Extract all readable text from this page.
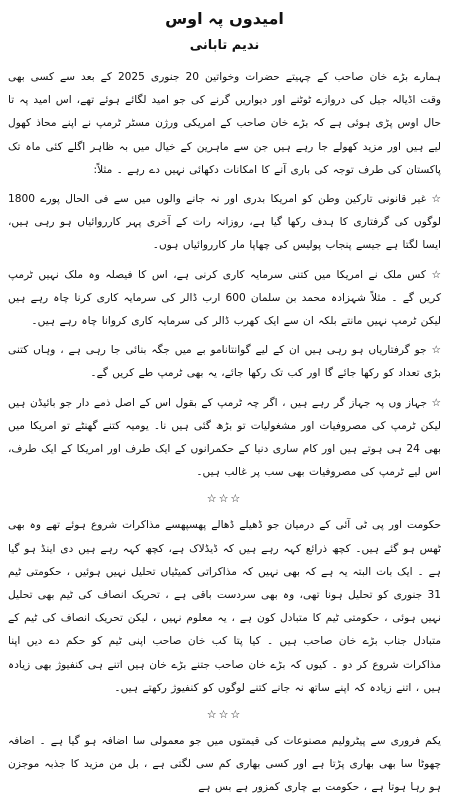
امیدوں پہ اوس
ندیم تابانی

ہمارے بڑے خان صاحب کے چہیتے حضرات وخواتین 20 جنوری 2025 کے بعد سے کسی بھی وقت اڈیالہ جیل کی دروازے ٹوٹنے اور دیواریں گرنے کی جو امید لگائے ہوئے تھے، اس امید پہ تا حال اوس پڑی ہوئی ہے کہ بڑے خان صاحب کے امریکی ورژن مسٹر ٹرمپ نے اپنے محاذ کھول لیے ہیں اور مزید کھولے جا رہے ہیں جن سے ماہرین کے خیال میں بہ ظاہر اگلے کئی ماہ تک پاکستان کی طرف توجہ کی باری آنے کا امکانات دکھائی نہیں دے رہے ۔ مثلاً:

☆ غیر قانونی تارکین وطن کو امریکا بدری اور نہ جانے والوں میں سے فی الحال پورے 1800 لوگوں کی گرفتاری کا ہدف رکھا گیا ہے، روزانہ رات کے آخری پہر کارروائیاں ہو رہی ہیں، ایسا لگتا ہے جیسے پنجاب پولیس کی چھاپا مار کارروائیاں ہوں۔

☆ کس ملک نے امریکا میں کتنی سرمایہ کاری کرنی ہے، اس کا فیصلہ وہ ملک نہیں ٹرمپ کریں گے ۔ مثلاً شہزادہ محمد بن سلمان 600 ارب ڈالر کی سرمایہ کاری کرنا چاہ رہے ہیں لیکن ٹرمپ نہیں مانتے بلکہ ان سے ایک کھرب ڈالر کی سرمایہ کاری کروانا چاہ رہے ہیں۔

☆ جو گرفتاریاں ہو رہی ہیں ان کے لیے گوانتانامو بے میں جگہ بنائی جا رہی ہے ، وہاں کتنی بڑی تعداد کو رکھا جائے گا اور کب تک رکھا جائے، یہ بھی ٹرمپ طے کریں گے۔

☆ جہاز وں پہ جہاز گر رہے ہیں ، اگر چہ ٹرمپ کے بقول اس کے اصل ذمے دار جو بائیڈن ہیں لیکن ٹرمپ کی مصروفیات اور مشغولیات تو بڑھ گئی ہیں نا۔ یومیہ کتنے گھنٹے تو امریکا میں بھی 24 ہی ہوتے ہیں اور کام ساری دنیا کے حکمرانوں کے ایک طرف اور امریکا کے ایک طرف، اس لیے ٹرمپ کی مصروفیات بھی سب پر غالب ہیں۔

☆☆☆

حکومت اور پی ٹی آئی کے درمیان جو ڈھیلے ڈھالے پھسپھسے مذاکرات شروع ہوئے تھے وہ بھی ٹھس ہو گئے ہیں۔ کچھ ذرائع کہہ رہے ہیں کہ ڈیڈلاک ہے، کچھ کہہ رہے ہیں دی اینڈ ہو گیا ہے ۔ ایک بات البتہ یہ ہے کہ بھی نہیں کہ مذاکراتی کمیٹیاں تحلیل نہیں ہوئیں ، حکومتی ٹیم 31 جنوری کو تحلیل ہونا تھی، وہ بھی سردست باقی ہے ، تحریک انصاف کی ٹیم بھی تحلیل نہیں ہوئی ، حکومتی ٹیم کا متبادل کون ہے ، یہ معلوم نہیں ، لیکن تحریک انصاف کی ٹیم کے متبادل جناب بڑے خان صاحب ہیں ۔ کیا پتا کب خان صاحب اپنی ٹیم کو حکم دے دیں اپنا مذاکرات شروع کر دو ۔ کیوں کہ بڑے خان صاحب جتنے بڑے خان ہیں اتنے ہی کنفیوژ بھی زیادہ ہیں ، اتنے زیادہ کہ اپنے ساتھ نہ جانے کتنے لوگوں کو کنفیوژ رکھتے ہیں۔

☆☆☆

یکم فروری سے پیٹرولیم مصنوعات کی قیمتوں میں جو معمولی سا اضافہ ہو گیا ہے ۔ اضافہ چھوٹا سا بھی بھاری پڑتا ہے اور کسی بھاری کم سی لگتی ہے ، بل من مزید کا جذبہ موجزن ہو رہا ہوتا ہے ، حکومت بے چاری کمزور ہے بس ہے
